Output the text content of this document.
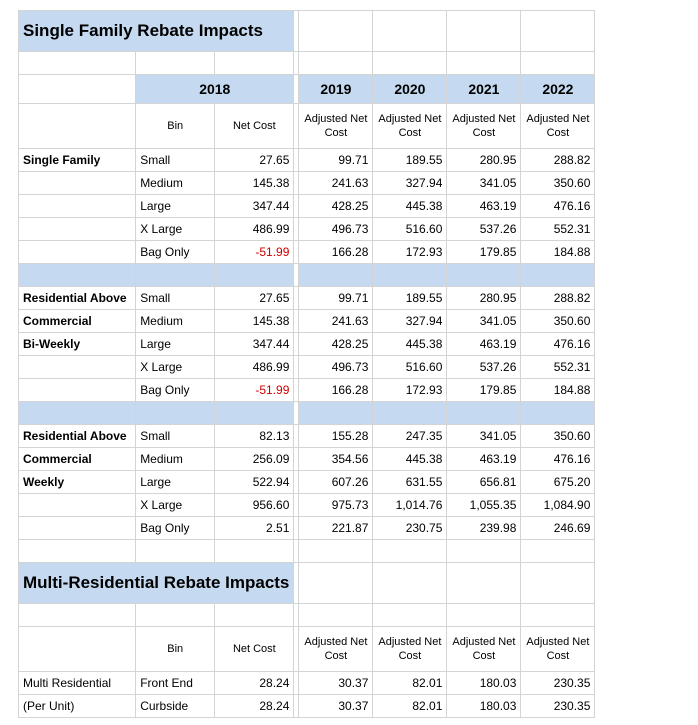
Single Family Rebate Impacts							

	2018			2019	2020	2021	2022
	Bin	Net Cost		Adjusted Net Cost	Adjusted Net Cost	Adjusted Net Cost	Adjusted Net Cost
Single Family	Small	27.65		99.71	189.55	280.95	288.82
	Medium	145.38		241.63	327.94	341.05	350.60
	Large	347.44		428.25	445.38	463.19	476.16
	X Large	486.99		496.73	516.60	537.26	552.31
	Bag Only	-51.99		166.28	172.93	179.85	184.88

Residential Above	Small	27.65		99.71	189.55	280.95	288.82
Commercial	Medium	145.38		241.63	327.94	341.05	350.60
Bi-Weekly	Large	347.44		428.25	445.38	463.19	476.16
	X Large	486.99		496.73	516.60	537.26	552.31
	Bag Only	-51.99		166.28	172.93	179.85	184.88

Residential Above	Small	82.13		155.28	247.35	341.05	350.60
Commercial	Medium	256.09		354.56	445.38	463.19	476.16
Weekly	Large	522.94		607.26	631.55	656.81	675.20
	X Large	956.60		975.73	1,014.76	1,055.35	1,084.90
	Bag Only	2.51		221.87	230.75	239.98	246.69

Multi-Residential Rebate Impacts							

	Bin	Net Cost		Adjusted Net Cost	Adjusted Net Cost	Adjusted Net Cost	Adjusted Net Cost
Multi Residential	Front End	28.24		30.37	82.01	180.03	230.35
(Per Unit)	Curbside	28.24		30.37	82.01	180.03	230.35
